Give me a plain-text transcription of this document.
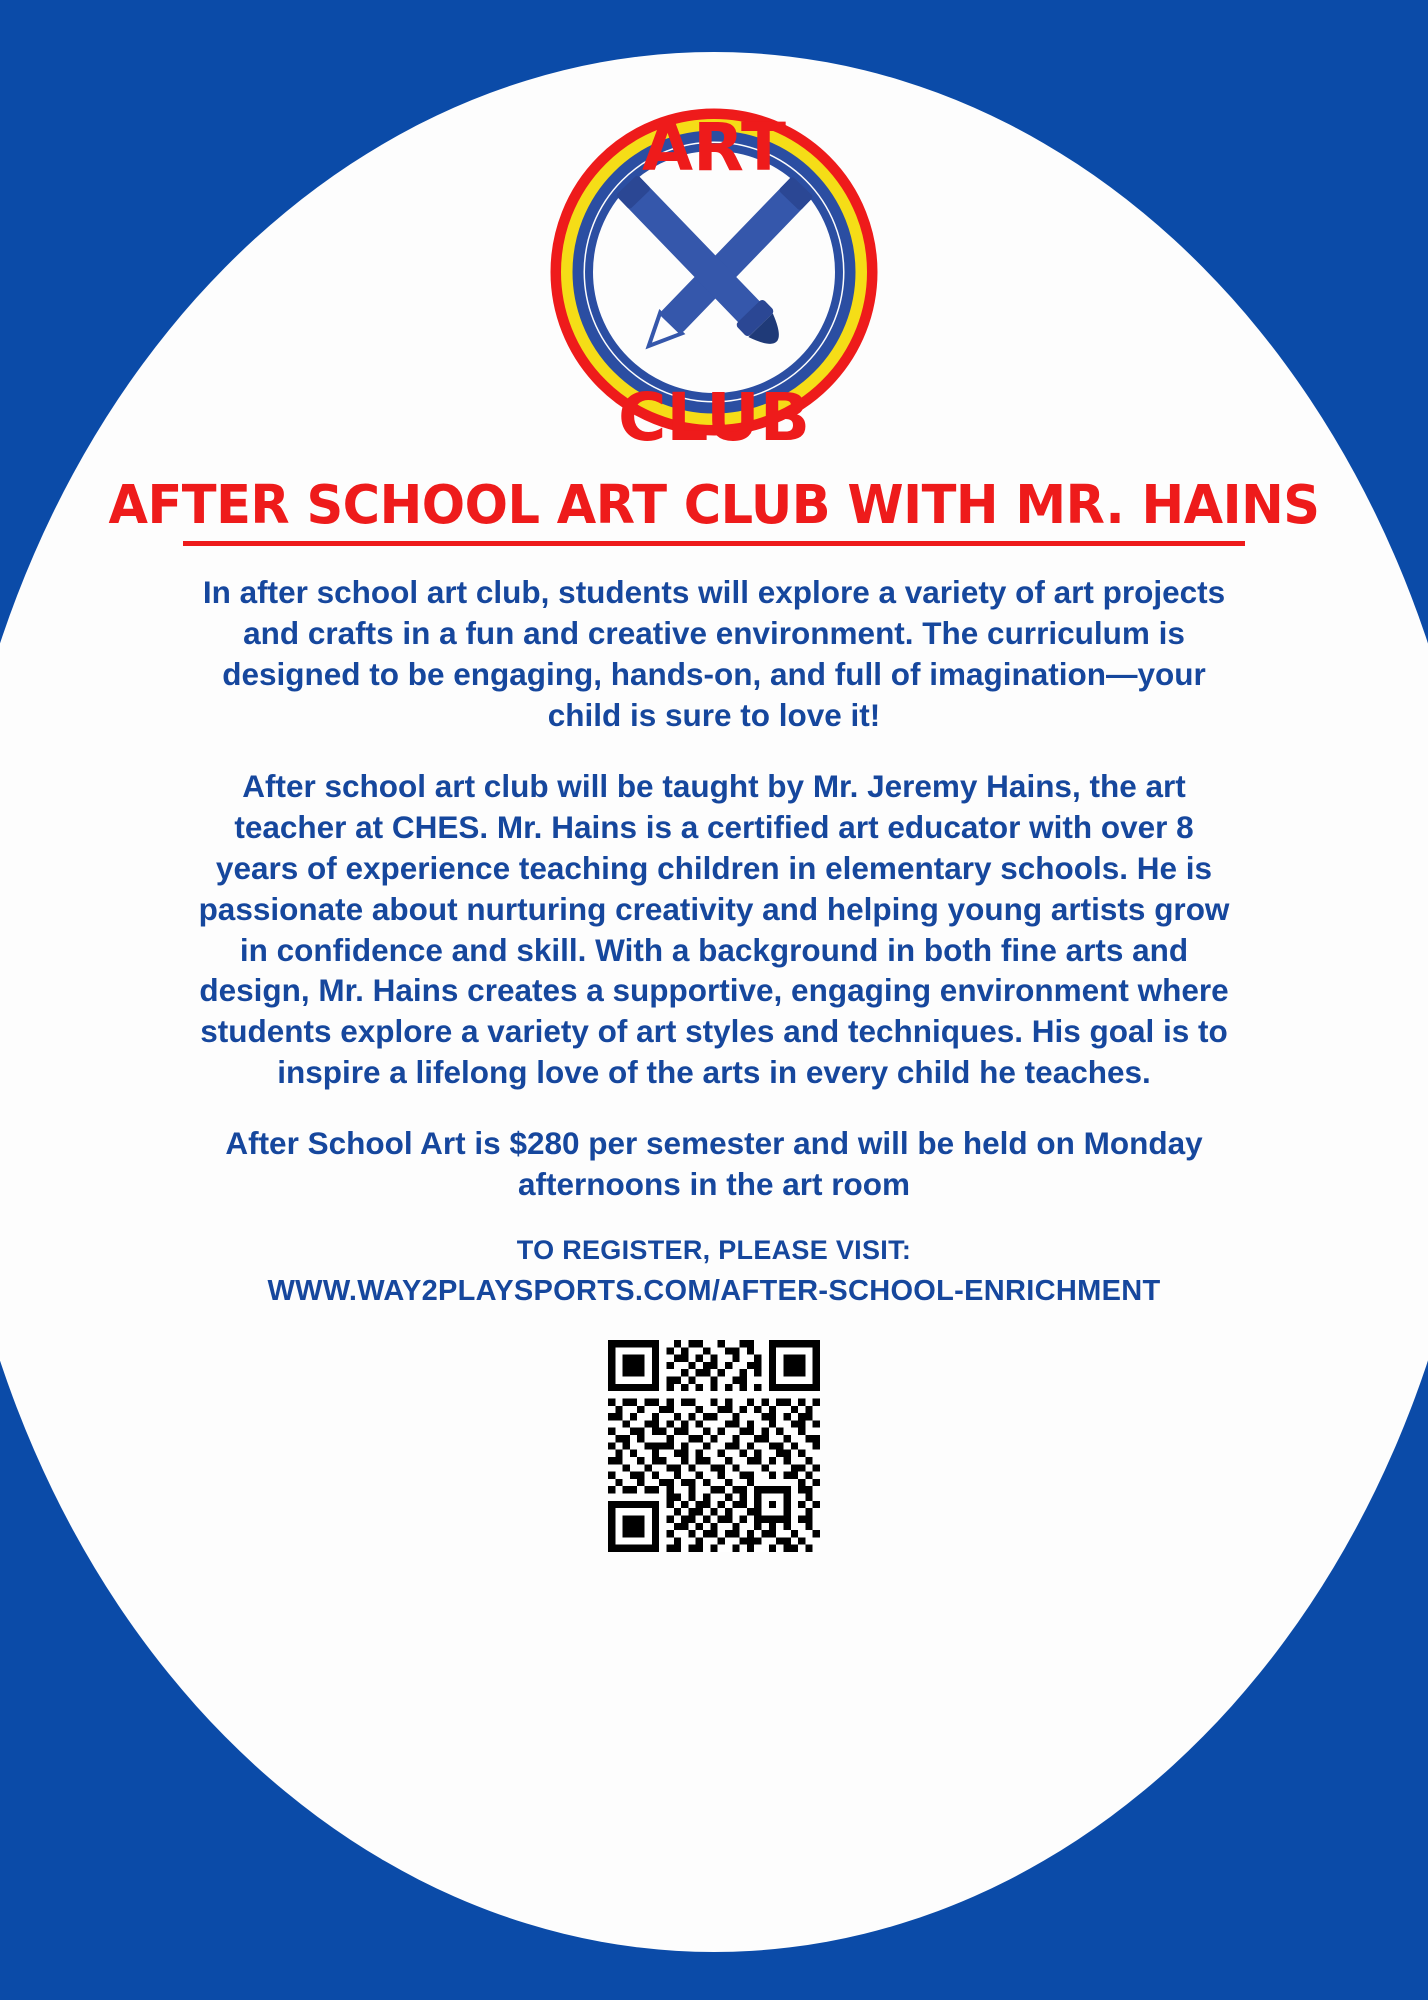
ART
CLUB
AFTER SCHOOL ART CLUB WITH MR. HAINS

In after school art club, students will explore a variety of art projects and crafts in a fun and creative environment. The curriculum is designed to be engaging, hands-on, and full of imagination—your child is sure to love it!

After school art club will be taught by Mr. Jeremy Hains, the art teacher at CHES. Mr. Hains is a certified art educator with over 8 years of experience teaching children in elementary schools. He is passionate about nurturing creativity and helping young artists grow in confidence and skill. With a background in both fine arts and design, Mr. Hains creates a supportive, engaging environment where students explore a variety of art styles and techniques. His goal is to inspire a lifelong love of the arts in every child he teaches.

After School Art is $280 per semester and will be held on Monday afternoons in the art room

TO REGISTER, PLEASE VISIT:
WWW.WAY2PLAYSPORTS.COM/AFTER-SCHOOL-ENRICHMENT
